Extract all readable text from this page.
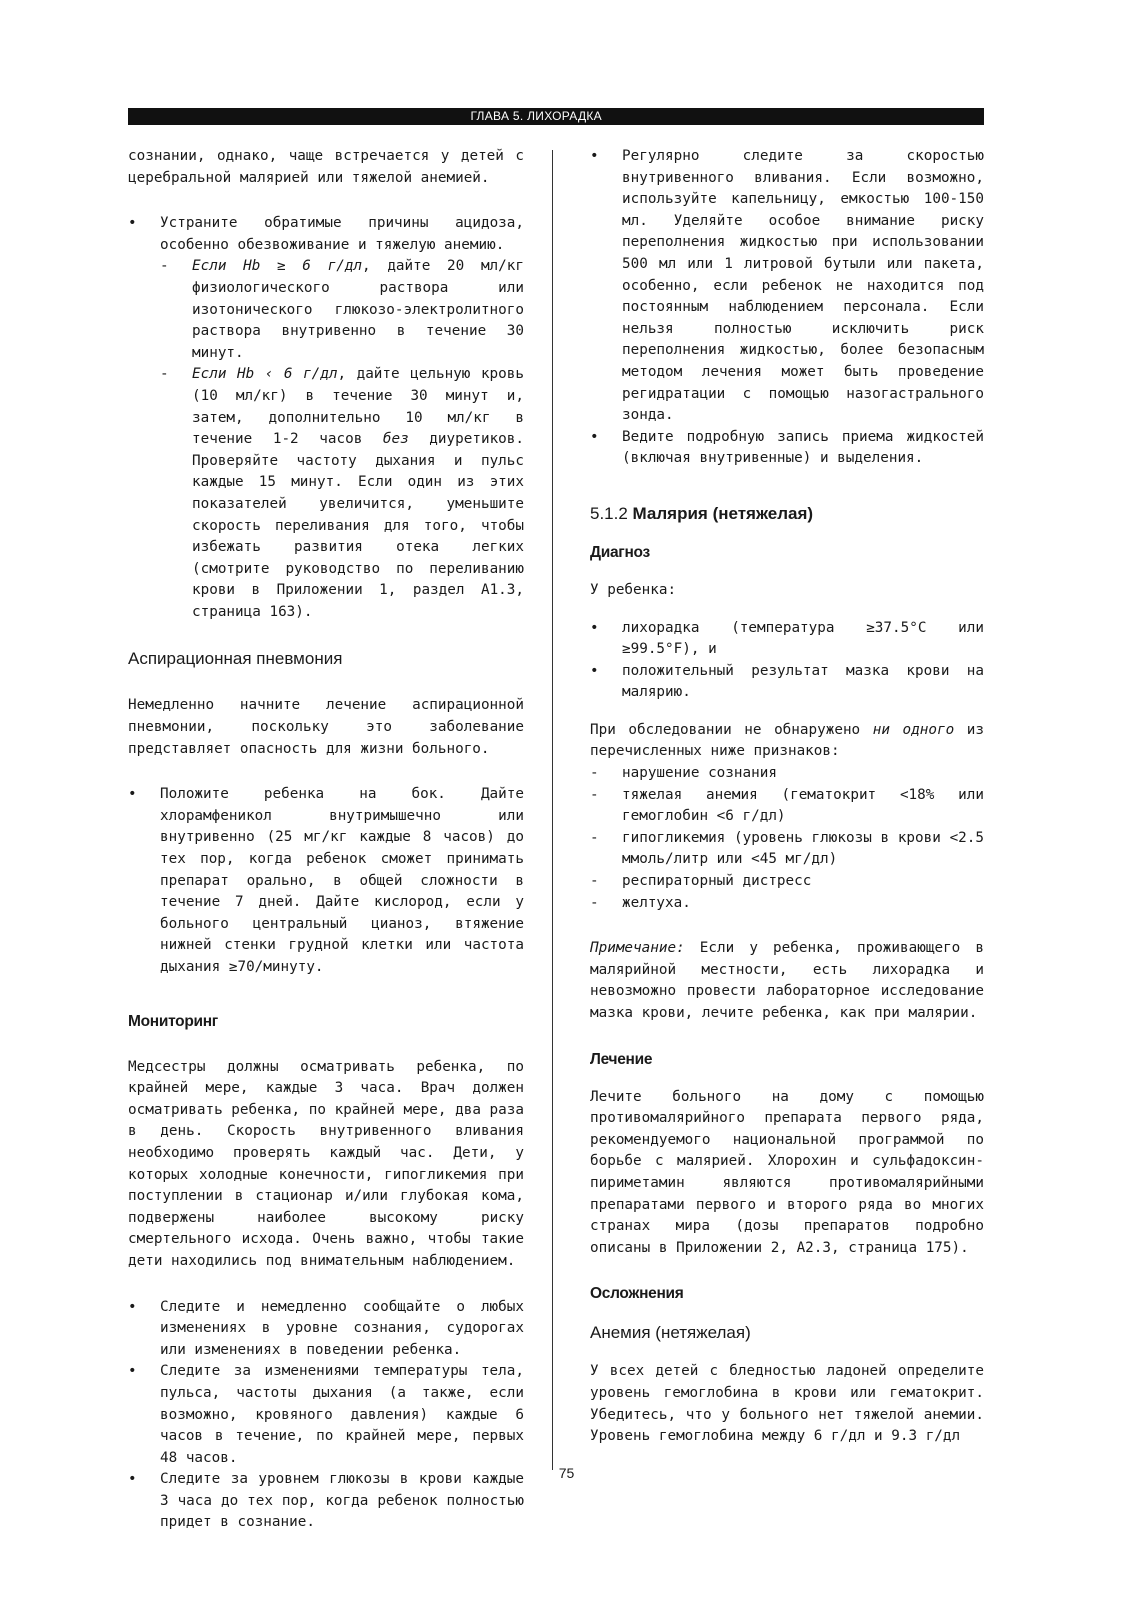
ГЛАВА 5. ЛИХОРАДКА

сознании, однако, чаще встречается у детей с церебральной малярией или тяжелой анемией.

• Устраните обратимые причины ацидоза, особенно обезвоживание и тяжелую анемию.
- Если Hb ≥ 6 г/дл, дайте 20 мл/кг физиологического раствора или изотонического глюкозо-электролитного раствора внутривенно в течение 30 минут.
- Если Hb ‹ 6 г/дл, дайте цельную кровь (10 мл/кг) в течение 30 минут и, затем, дополнительно 10 мл/кг в течение 1-2 часов без диуретиков. Проверяйте частоту дыхания и пульс каждые 15 минут. Если один из этих показателей увеличится, уменьшите скорость переливания для того, чтобы избежать развития отека легких (смотрите руководство по переливанию крови в Приложении 1, раздел А1.3, страница 163).
Аспирационная пневмония

Немедленно начните лечение аспирационной пневмонии, поскольку это заболевание представляет опасность для жизни больного.

• Положите ребенка на бок. Дайте хлорамфеникол внутримышечно или внутривенно (25 мг/кг каждые 8 часов) до тех пор, когда ребенок сможет принимать препарат орально, в общей сложности в течение 7 дней. Дайте кислород, если у больного центральный цианоз, втяжение нижней стенки грудной клетки или частота дыхания ≥70/минуту.
Мониторинг

Медсестры должны осматривать ребенка, по крайней мере, каждые 3 часа. Врач должен осматривать ребенка, по крайней мере, два раза в день. Скорость внутривенного вливания необходимо проверять каждый час. Дети, у которых холодные конечности, гипогликемия при поступлении в стационар и/или глубокая кома, подвержены наиболее высокому риску смертельного исхода. Очень важно, чтобы такие дети находились под внимательным наблюдением.

• Следите и немедленно сообщайте о любых изменениях в уровне сознания, судорогах или изменениях в поведении ребенка.
• Следите за изменениями температуры тела, пульса, частоты дыхания (а также, если возможно, кровяного давления) каждые 6 часов в течение, по крайней мере, первых 48 часов.
• Следите за уровнем глюкозы в крови каждые 3 часа до тех пор, когда ребенок полностью придет в сознание.
• Регулярно следите за скоростью внутривенного вливания. Если возможно, используйте капельницу, емкостью 100-150 мл. Уделяйте особое внимание риску переполнения жидкостью при использовании 500 мл или 1 литровой бутыли или пакета, особенно, если ребенок не находится под постоянным наблюдением персонала. Если нельзя полностью исключить риск переполнения жидкостью, более безопасным методом лечения может быть проведение регидратации с помощью назогастрального зонда.
• Ведите подробную запись приема жидкостей (включая внутривенные) и выделения.
5.1.2 Малярия (нетяжелая)
Диагноз

У ребенка:

• лихорадка (температура ≥37.5°С или ≥99.5°F), и
• положительный результат мазка крови на малярию.

При обследовании не обнаружено ни одного из перечисленных ниже признаков:

- нарушение сознания
- тяжелая анемия (гематокрит <18% или гемоглобин <6 г/дл)
- гипогликемия (уровень глюкозы в крови <2.5 ммоль/литр или <45 мг/дл)
- респираторный дистресс
- желтуха.

Примечание: Если у ребенка, проживающего в малярийной местности, есть лихорадка и невозможно провести лабораторное исследование мазка крови, лечите ребенка, как при малярии.

Лечение

Лечите больного на дому с помощью противомалярийного препарата первого ряда, рекомендуемого национальной программой по борьбе с малярией. Хлорохин и сульфадоксин-пириметамин являются противомалярийными препаратами первого и второго ряда во многих странах мира (дозы препаратов подробно описаны в Приложении 2, А2.3, страница 175).

Осложнения
Анемия (нетяжелая)

У всех детей с бледностью ладоней определите уровень гемоглобина в крови или гематокрит. Убедитесь, что у больного нет тяжелой анемии. Уровень гемоглобина между 6 г/дл и 9.3 г/дл

75
